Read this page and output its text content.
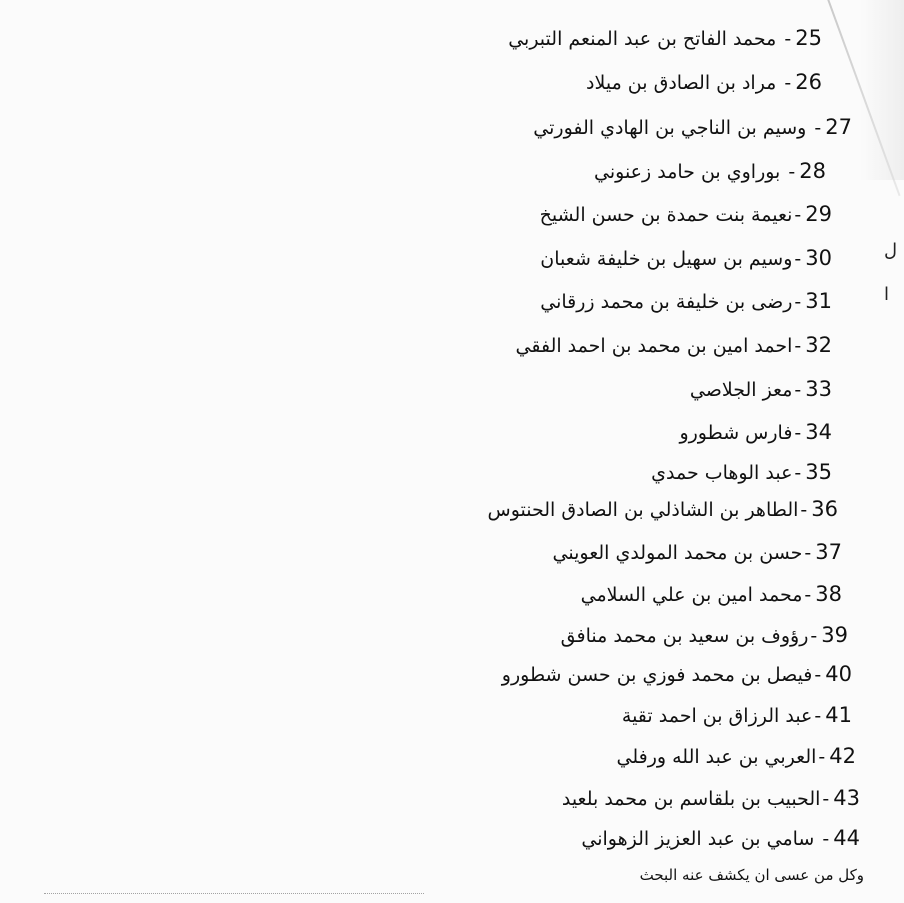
25- محمد الفاتح بن عبد المنعم التبربي
26- مراد بن الصادق بن ميلاد
27- وسيم بن الناجي بن الهادي الفورتي
28- بوراوي بن حامد زعنوني
29-نعيمة بنت حمدة بن حسن الشيخ
30-وسيم بن سهيل بن خليفة شعبان
31-رضى بن خليفة بن محمد زرقاني
32-احمد امين بن محمد بن احمد الفقي
33-معز الجلاصي
34-فارس شطورو
35-عبد الوهاب حمدي
36-الطاهر بن الشاذلي بن الصادق الحنتوس
37-حسن بن محمد المولدي العويني
38-محمد امين بن علي السلامي
39-رؤوف بن سعيد بن محمد منافق
40-فيصل بن محمد فوزي بن حسن شطورو
41-عبد الرزاق بن احمد تقية
42-العربي بن عبد الله ورفلي
43-الحبيب بن بلقاسم بن محمد بلعيد
44- سامي بن عبد العزيز الزهواني
ل
ا
وكل من عسى ان يكشف عنه البحث
